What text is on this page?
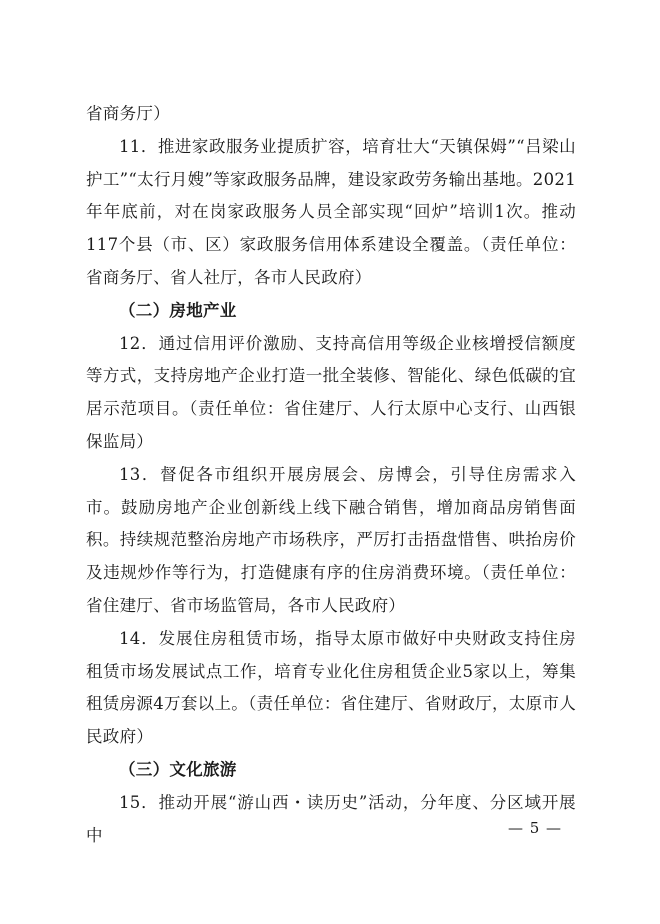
省商务厅）

11．推进家政服务业提质扩容，培育壮大“天镇保姆”“吕梁山护工”“太行月嫂”等家政服务品牌，建设家政劳务输出基地。2021年年底前，对在岗家政服务人员全部实现“回炉”培训1次。推动117个县（市、区）家政服务信用体系建设全覆盖。（责任单位：省商务厅、省人社厅，各市人民政府）

（二）房地产业

12．通过信用评价激励、支持高信用等级企业核增授信额度等方式，支持房地产企业打造一批全装修、智能化、绿色低碳的宜居示范项目。（责任单位：省住建厅、人行太原中心支行、山西银保监局）

13．督促各市组织开展房展会、房博会，引导住房需求入市。鼓励房地产企业创新线上线下融合销售，增加商品房销售面积。持续规范整治房地产市场秩序，严厉打击捂盘惜售、哄抬房价及违规炒作等行为，打造健康有序的住房消费环境。（责任单位：省住建厅、省市场监管局，各市人民政府）

14．发展住房租赁市场，指导太原市做好中央财政支持住房租赁市场发展试点工作，培育专业化住房租赁企业5家以上，筹集租赁房源4万套以上。（责任单位：省住建厅、省财政厅，太原市人民政府）

（三）文化旅游

15．推动开展“游山西・读历史”活动，分年度、分区域开展中	— 5 —
